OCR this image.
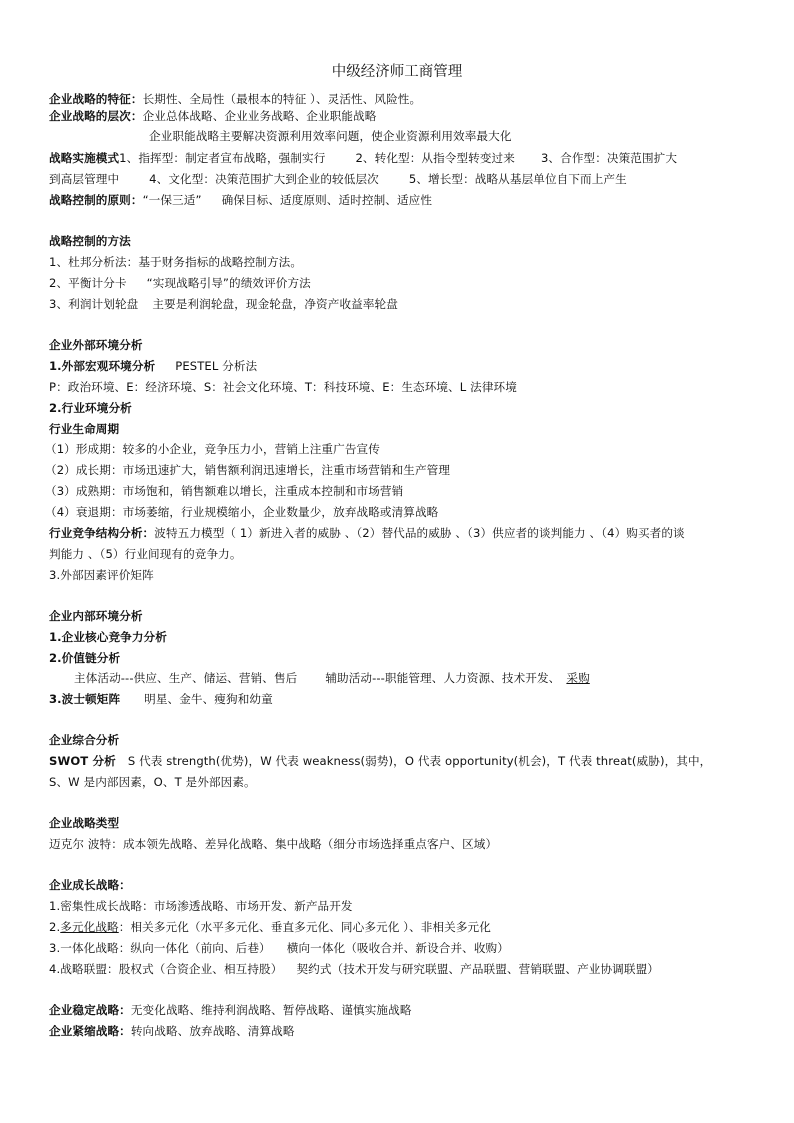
中级经济师工商管理
企业战略的特征：长期性、全局性（最根本的特征 ）、灵活性、风险性。
企业战略的层次：企业总体战略、企业业务战略、企业职能战略
企业职能战略主要解决资源利用效率问题，使企业资源利用效率最大化
战略实施模式1、指挥型：制定者宣布战略，强制实行	2、转化型：从指令型转变过来 3、合作型：决策范围扩大
到高层管理中	4、文化型：决策范围扩大到企业的较低层次	5、增长型：战略从基层单位自下而上产生
战略控制的原则：“一保三适” 确保目标、适度原则、适时控制、适应性
战略控制的方法
1、杜邦分析法：基于财务指标的战略控制方法。
2、平衡计分卡 “实现战略引导”的绩效评价方法
3、利润计划轮盘 主要是利润轮盘，现金轮盘，净资产收益率轮盘
企业外部环境分析
1.外部宏观环境分析 PESTEL 分析法
P：政治环境、E：经济环境、S：社会文化环境、T：科技环境、E：生态环境、L 法律环境
2.行业环境分析
行业生命周期
（1）形成期：较多的小企业，竞争压力小，营销上注重广告宣传
（2）成长期：市场迅速扩大，销售额利润迅速增长，注重市场营销和生产管理
（3）成熟期：市场饱和，销售额难以增长，注重成本控制和市场营销
（4）衰退期：市场萎缩，行业规模缩小，企业数量少，放弃战略或清算战略
行业竞争结构分析：波特五力模型（ 1）新进入者的威胁 、（2）替代品的威胁 、（3）供应者的谈判能力 、（4）购买者的谈
判能力 、（5）行业间现有的竞争力。
3.外部因素评价矩阵
企业内部环境分析
1.企业核心竞争力分析
2.价值链分析
主体活动---供应、生产、储运、营销、售后 辅助活动---职能管理、人力资源、技术开发、 采购
3.波士顿矩阵 明星、金牛、瘦狗和幼童
企业综合分析
SWOT 分析 S 代表 strength(优势)，W 代表 weakness(弱势)，O 代表 opportunity(机会)，T 代表 threat(威胁)，其中，
S、W 是内部因素，O、T 是外部因素。
企业战略类型
迈克尔 波特：成本领先战略、差异化战略、集中战略（细分市场选择重点客户、区域）
企业成长战略：
1.密集性成长战略：市场渗透战略、市场开发、新产品开发
2.多元化战略：相关多元化（水平多元化、垂直多元化、同心多元化 ）、非相关多元化
3.一体化战略：纵向一体化（前向、后巷） 横向一体化（吸收合并、新设合并、收购）
4.战略联盟：股权式（合资企业、相互持股） 契约式（技术开发与研究联盟、产品联盟、营销联盟、产业协调联盟）
企业稳定战略：无变化战略、维持利润战略、暂停战略、谨慎实施战略
企业紧缩战略：转向战略、放弃战略、清算战略
